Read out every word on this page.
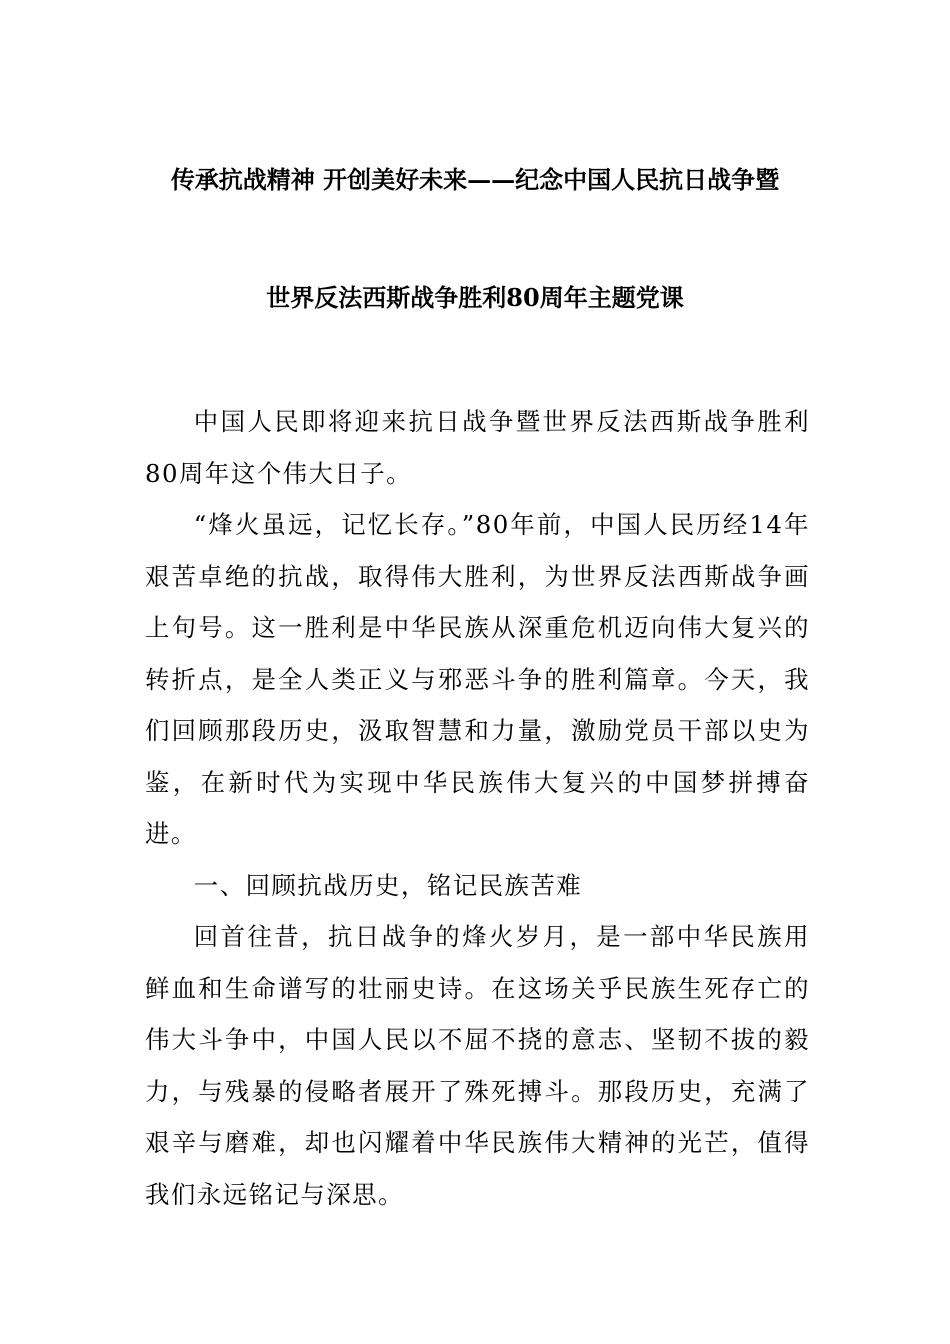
传承抗战精神 开创美好未来——纪念中国人民抗日战争暨
世界反法西斯战争胜利80周年主题党课

中国人民即将迎来抗日战争暨世界反法西斯战争胜利80周年这个伟大日子。

“烽火虽远，记忆长存。”80年前，中国人民历经14年艰苦卓绝的抗战，取得伟大胜利，为世界反法西斯战争画上句号。这一胜利是中华民族从深重危机迈向伟大复兴的转折点，是全人类正义与邪恶斗争的胜利篇章。今天，我们回顾那段历史，汲取智慧和力量，激励党员干部以史为鉴，在新时代为实现中华民族伟大复兴的中国梦拼搏奋进。

一、回顾抗战历史，铭记民族苦难

回首往昔，抗日战争的烽火岁月，是一部中华民族用鲜血和生命谱写的壮丽史诗。在这场关乎民族生死存亡的伟大斗争中，中国人民以不屈不挠的意志、坚韧不拔的毅力，与残暴的侵略者展开了殊死搏斗。那段历史，充满了艰辛与磨难，却也闪耀着中华民族伟大精神的光芒，值得我们永远铭记与深思。
